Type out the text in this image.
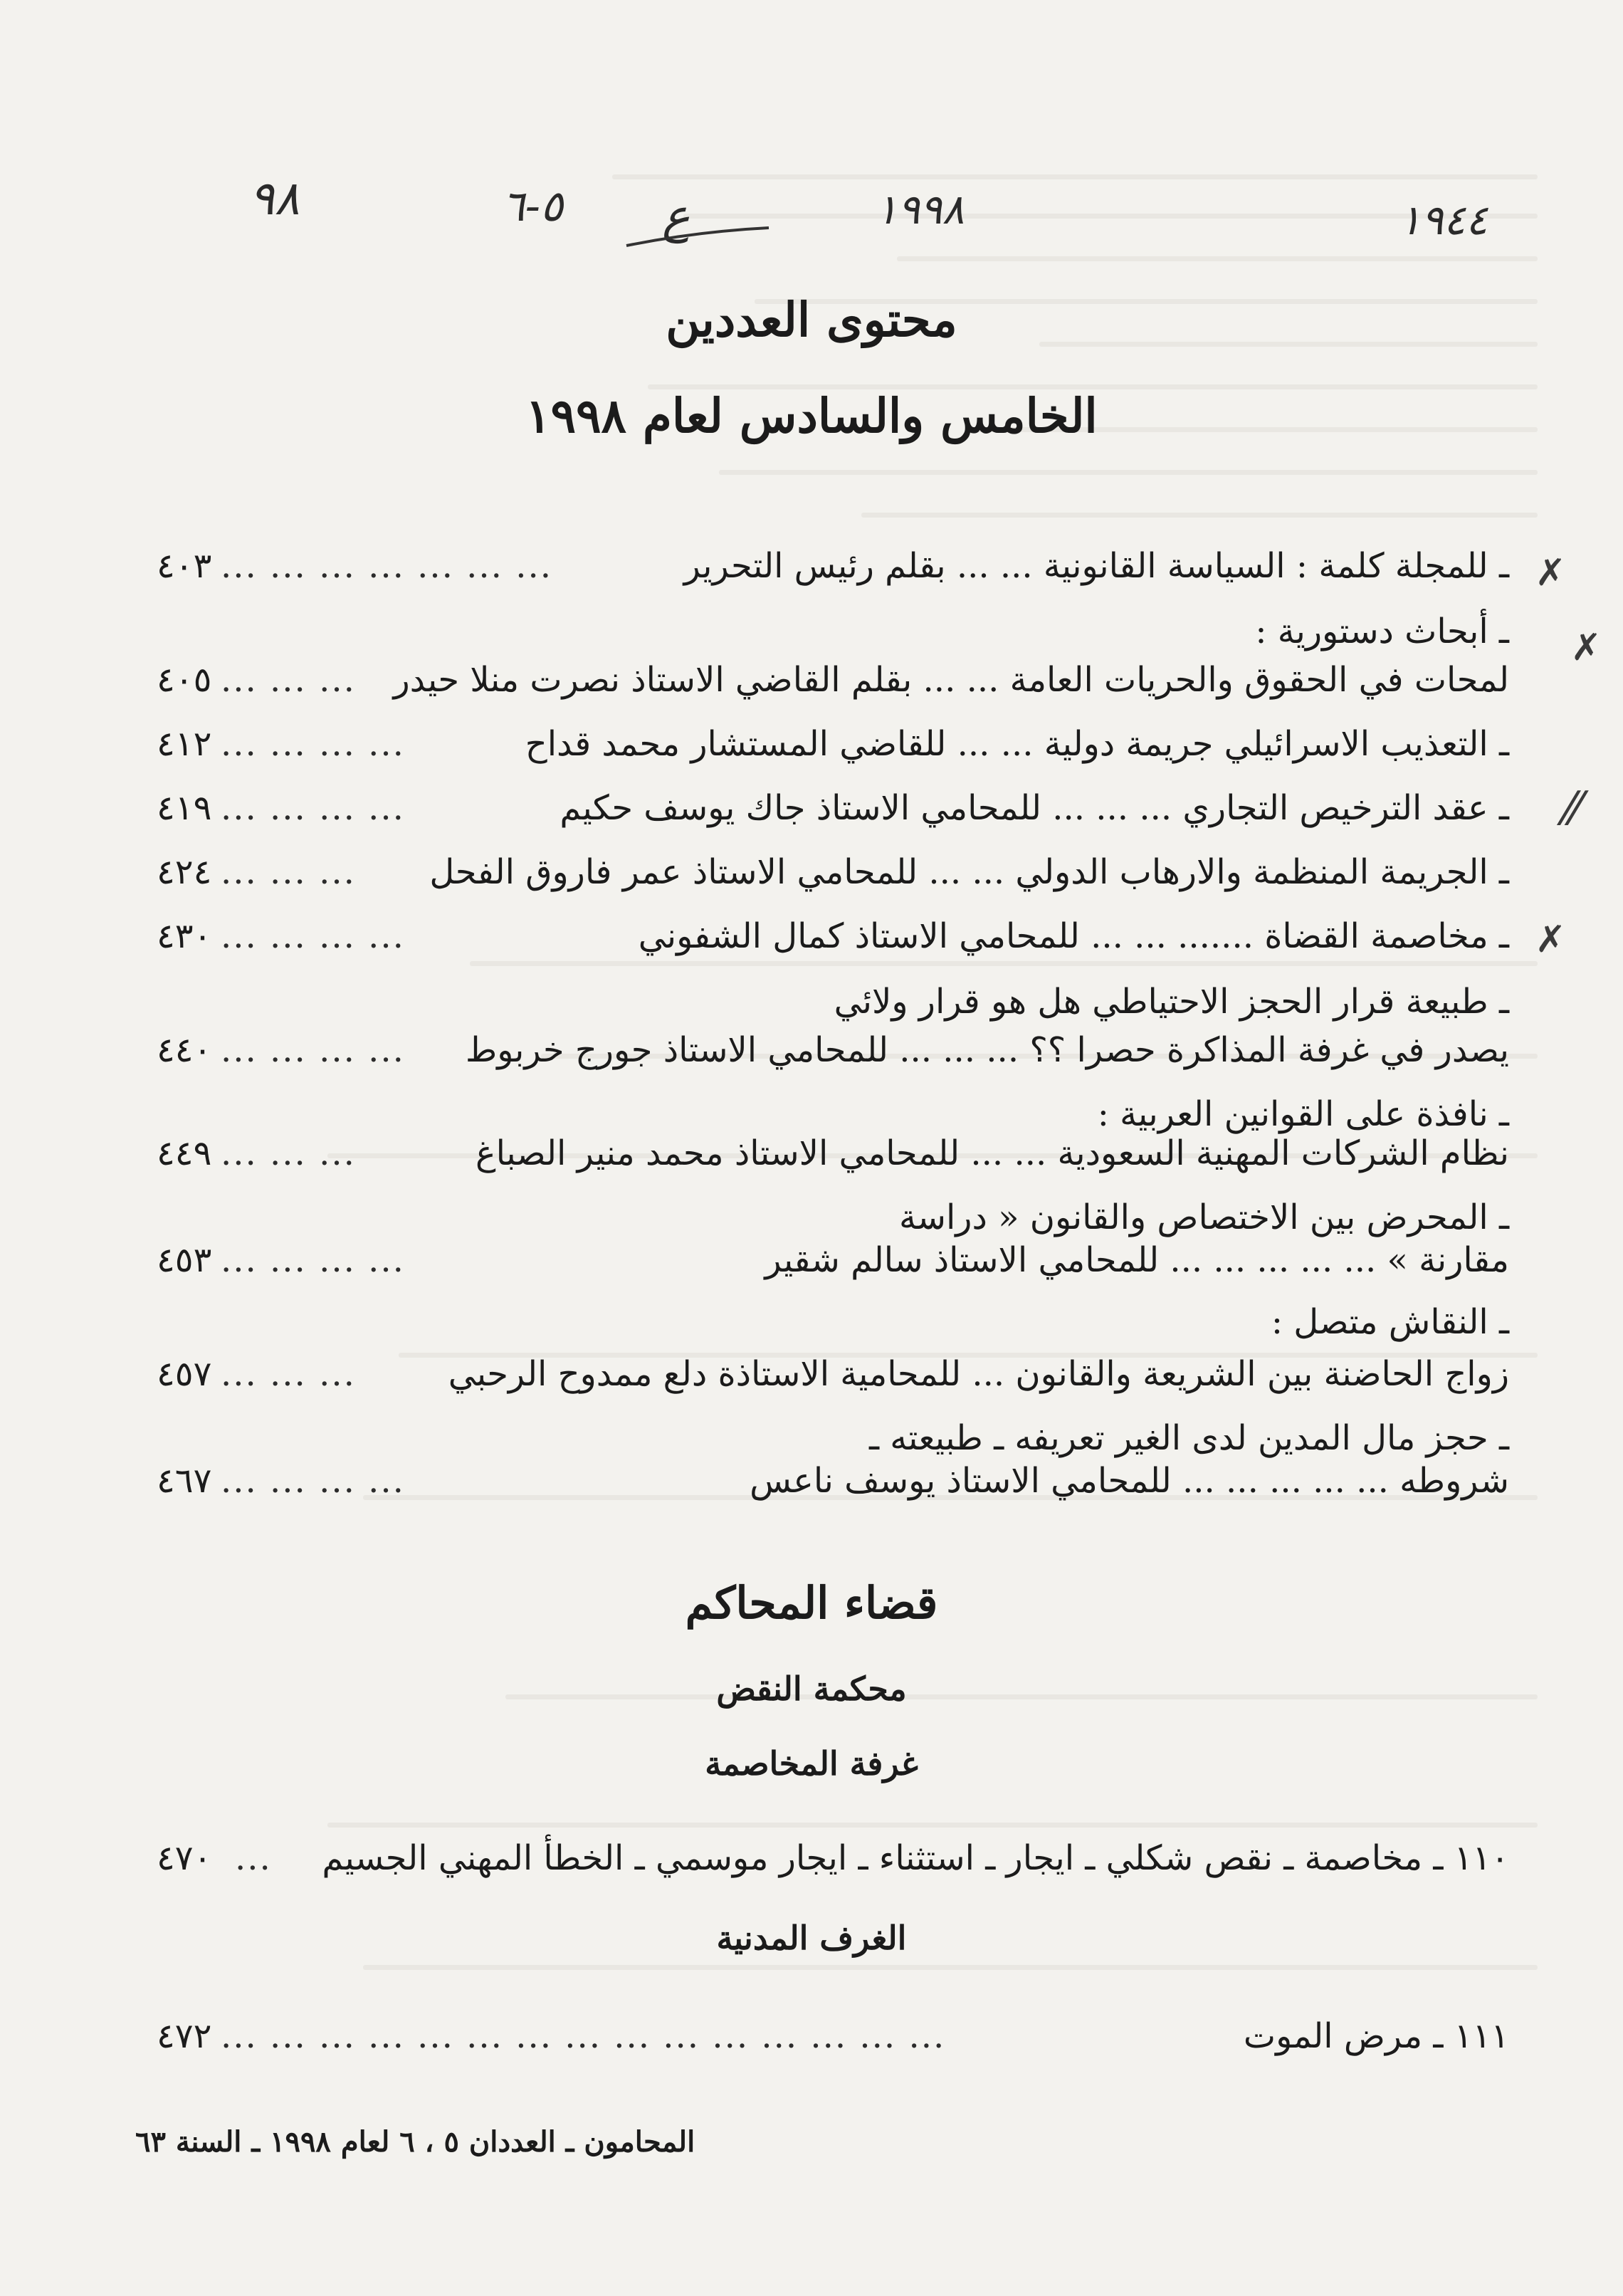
١٩٤٤
١٩٩٨
ع
٥-٦
٩٨
محتوى العددين
الخامس والسادس لعام ١٩٩٨
ـ للمجلة كلمة : السياسة القانونية ... ... بقلم رئيس التحرير
... ... ... ... ... ... ...
٤٠٣
ـ أبحاث دستورية :
لمحات في الحقوق والحريات العامة ... ... بقلم القاضي الاستاذ نصرت منلا حيدر
... ... ...
٤٠٥
ـ التعذيب الاسرائيلي جريمة دولية ... ... للقاضي المستشار محمد قداح
... ... ... ...
٤١٢
ـ عقد الترخيص التجاري ... ... ... للمحامي الاستاذ جاك يوسف حكيم
... ... ... ...
٤١٩
ـ الجريمة المنظمة والارهاب الدولي ... ... للمحامي الاستاذ عمر فاروق الفحل
... ... ...
٤٢٤
ـ مخاصمة القضاة ....... ... ... للمحامي الاستاذ كمال الشفوني
... ... ... ...
٤٣٠
ـ طبيعة قرار الحجز الاحتياطي هل هو قرار ولائي
يصدر في غرفة المذاكرة حصرا ؟؟ ... ... ... للمحامي الاستاذ جورج خربوط
... ... ... ...
٤٤٠
ـ نافذة على القوانين العربية :
نظام الشركات المهنية السعودية ... ... للمحامي الاستاذ محمد منير الصباغ
... ... ...
٤٤٩
ـ المحرض بين الاختصاص والقانون « دراسة
مقارنة » ... ... ... ... ... للمحامي الاستاذ سالم شقير
... ... ... ...
٤٥٣
ـ النقاش متصل :
زواج الحاضنة بين الشريعة والقانون ... للمحامية الاستاذة دلع ممدوح الرحبي
... ... ...
٤٥٧
ـ حجز مال المدين لدى الغير تعريفه ـ طبيعته ـ
شروطه ... ... ... ... ... للمحامي الاستاذ يوسف ناعس
... ... ... ...
٤٦٧
✗
✗
⁄⁄
✗
قضاء المحاكم
محكمة النقض
غرفة المخاصمة
١١٠ ـ مخاصمة ـ نقص شكلي ـ ايجار ـ استثناء ـ ايجار موسمي ـ الخطأ المهني الجسيم
...
٤٧٠
الغرف المدنية
١١١ ـ مرض الموت
... ... ... ... ... ... ... ... ... ... ... ... ... ... ...
٤٧٢
المحامون ـ العددان ٥ ، ٦ لعام ١٩٩٨ ـ السنة ٦٣
